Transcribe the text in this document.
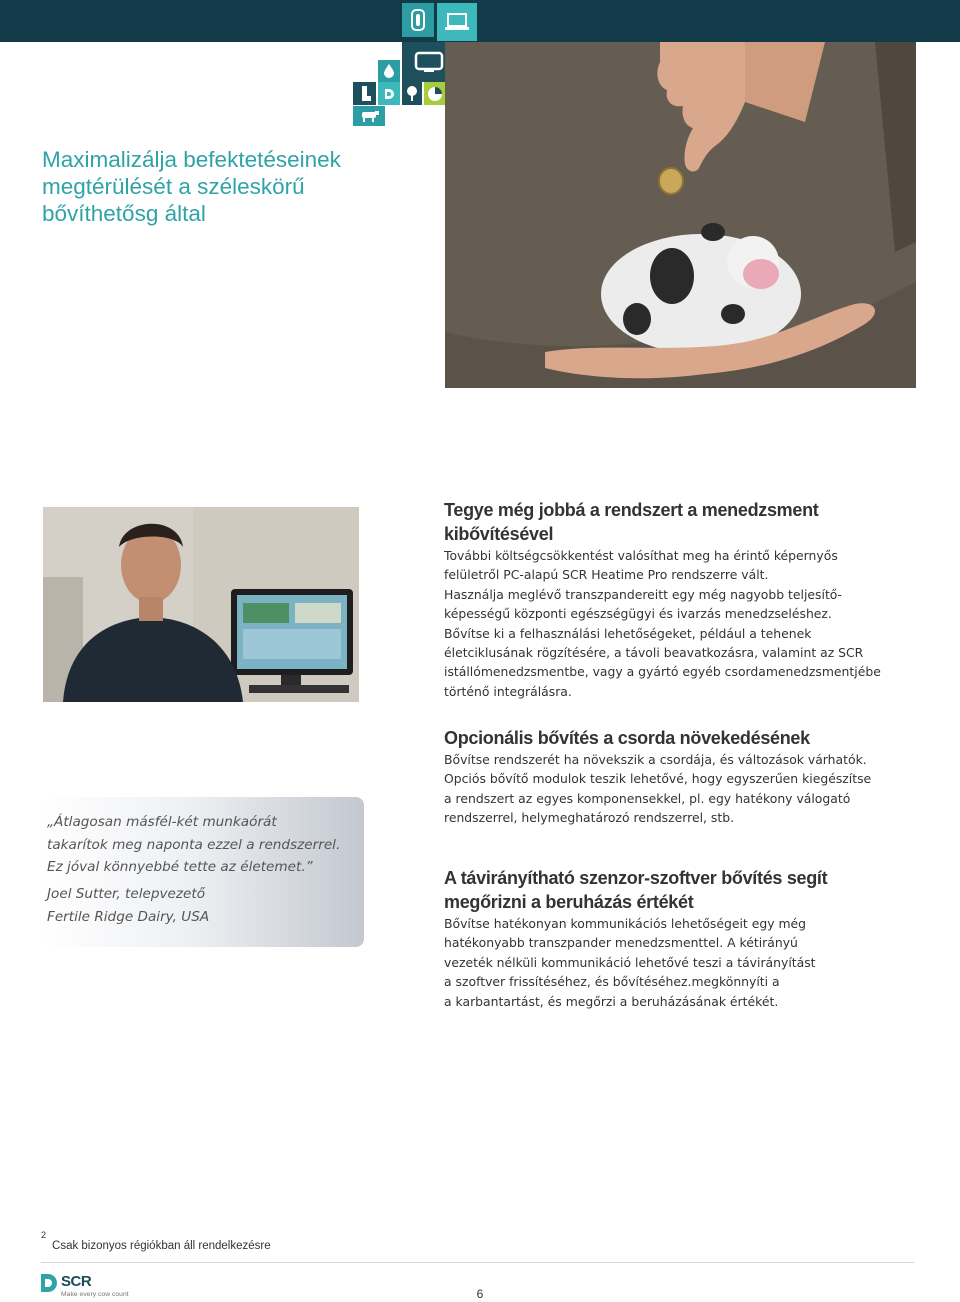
Maximalizálja befektetéseinek
megtérülését a széleskörű
bővíthetősg által
Tegye még jobbá a rendszert a menedzsment
kibővítésével

További költségcsökkentést valósíthat meg ha érintő képernyős
felületről PC-alapú SCR Heatime Pro rendszerre vált.
Használja meglévő transzpandereitt egy még nagyobb teljesítő-
képességű központi egészségügyi és ivarzás menedzseléshez.
Bővítse ki a felhasználási lehetőségeket, például a tehenek
életciklusának rögzítésére, a távoli beavatkozásra, valamint az SCR
istállómenedzsmentbe, vagy a gyártó egyéb csordamenedzsmentjébe
történő integrálásra.

Opcionális bővítés a csorda növekedésének

Bővítse rendszerét ha növekszik a csordája, és változások várhatók.
Opciós bővítő modulok teszik lehetővé, hogy egyszerűen kiegészítse
a rendszert az egyes komponensekkel, pl. egy hatékony válogató
rendszerrel, helymeghatározó rendszerrel, stb.

A távirányítható szenzor-szoftver bővítés segít
megőrizni a beruházás értékét

Bővítse hatékonyan kommunikációs lehetőségeit egy még
hatékonyabb transzpander menedzsmenttel. A kétirányú
vezeték nélküli kommunikáció lehetővé teszi a távirányítást
a szoftver frissítéséhez, és bővítéséhez.megkönnyíti a
a karbantartást, és megőrzi a beruházásának értékét.

„Átlagosan másfél-két munkaórát
takarítok meg naponta ezzel a rendszerrel.
Ez jóval könnyebbé tette az életemet.”

Joel Sutter, telepvezető
Fertile Ridge Dairy, USA

$^2$Csak bizonyos régiókban áll rendelkezésre
SCR
Make every cow count	6
